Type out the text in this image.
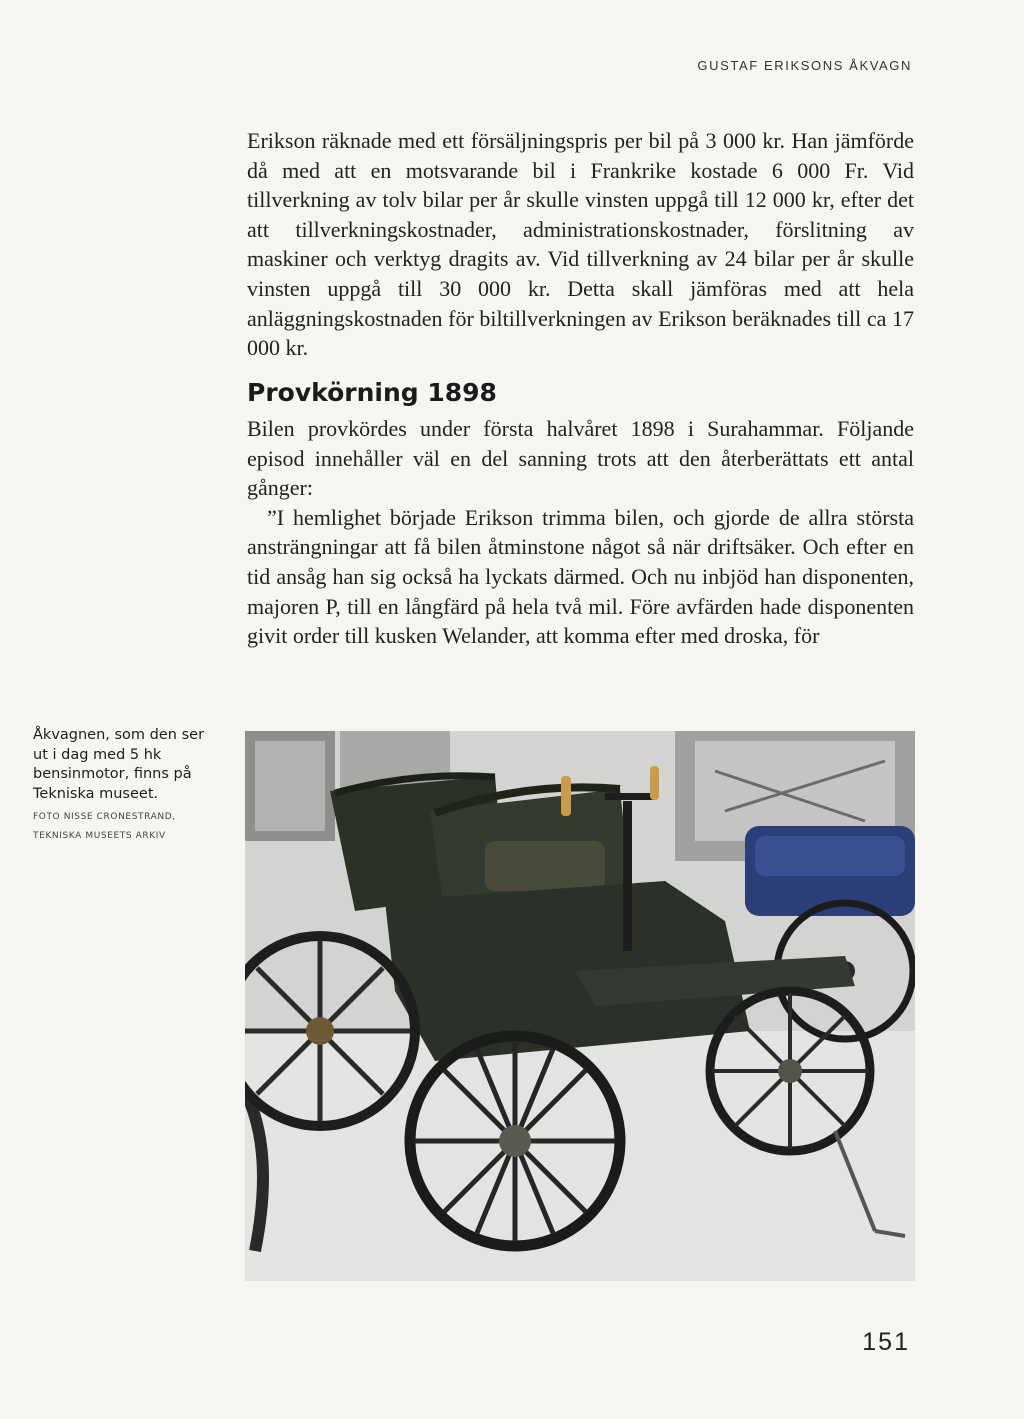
GUSTAF ERIKSONS ÅKVAGN

Erikson räknade med ett försäljningspris per bil på 3 000 kr. Han jämförde då med att en motsvarande bil i Frankrike kostade 6 000 Fr. Vid tillverkning av tolv bilar per år skulle vinsten uppgå till 12 000 kr, efter det att tillverkningskostnader, administrationskostnader, förslitning av maskiner och verktyg dragits av. Vid tillverkning av 24 bilar per år skulle vinsten uppgå till 30 000 kr. Detta skall jämföras med att hela anläggningskostnaden för biltillverkningen av Erikson beräknades till ca 17 000 kr.

Provkörning 1898

Bilen provkördes under första halvåret 1898 i Surahammar. Följande episod innehåller väl en del sanning trots att den återberättats ett antal gånger:

”I hemlighet började Erikson trimma bilen, och gjorde de allra största ansträngningar att få bilen åtminstone något så när driftsäker. Och efter en tid ansåg han sig också ha lyckats därmed. Och nu inbjöd han disponenten, majoren P, till en långfärd på hela två mil. Före avfärden hade disponenten givit order till kusken Welander, att komma efter med droska, för

Åkvagnen, som den ser ut i dag med 5 hk bensinmotor, finns på Tekniska museet.
FOTO NISSE CRONESTRAND,
TEKNISKA MUSEETS ARKIV
151
